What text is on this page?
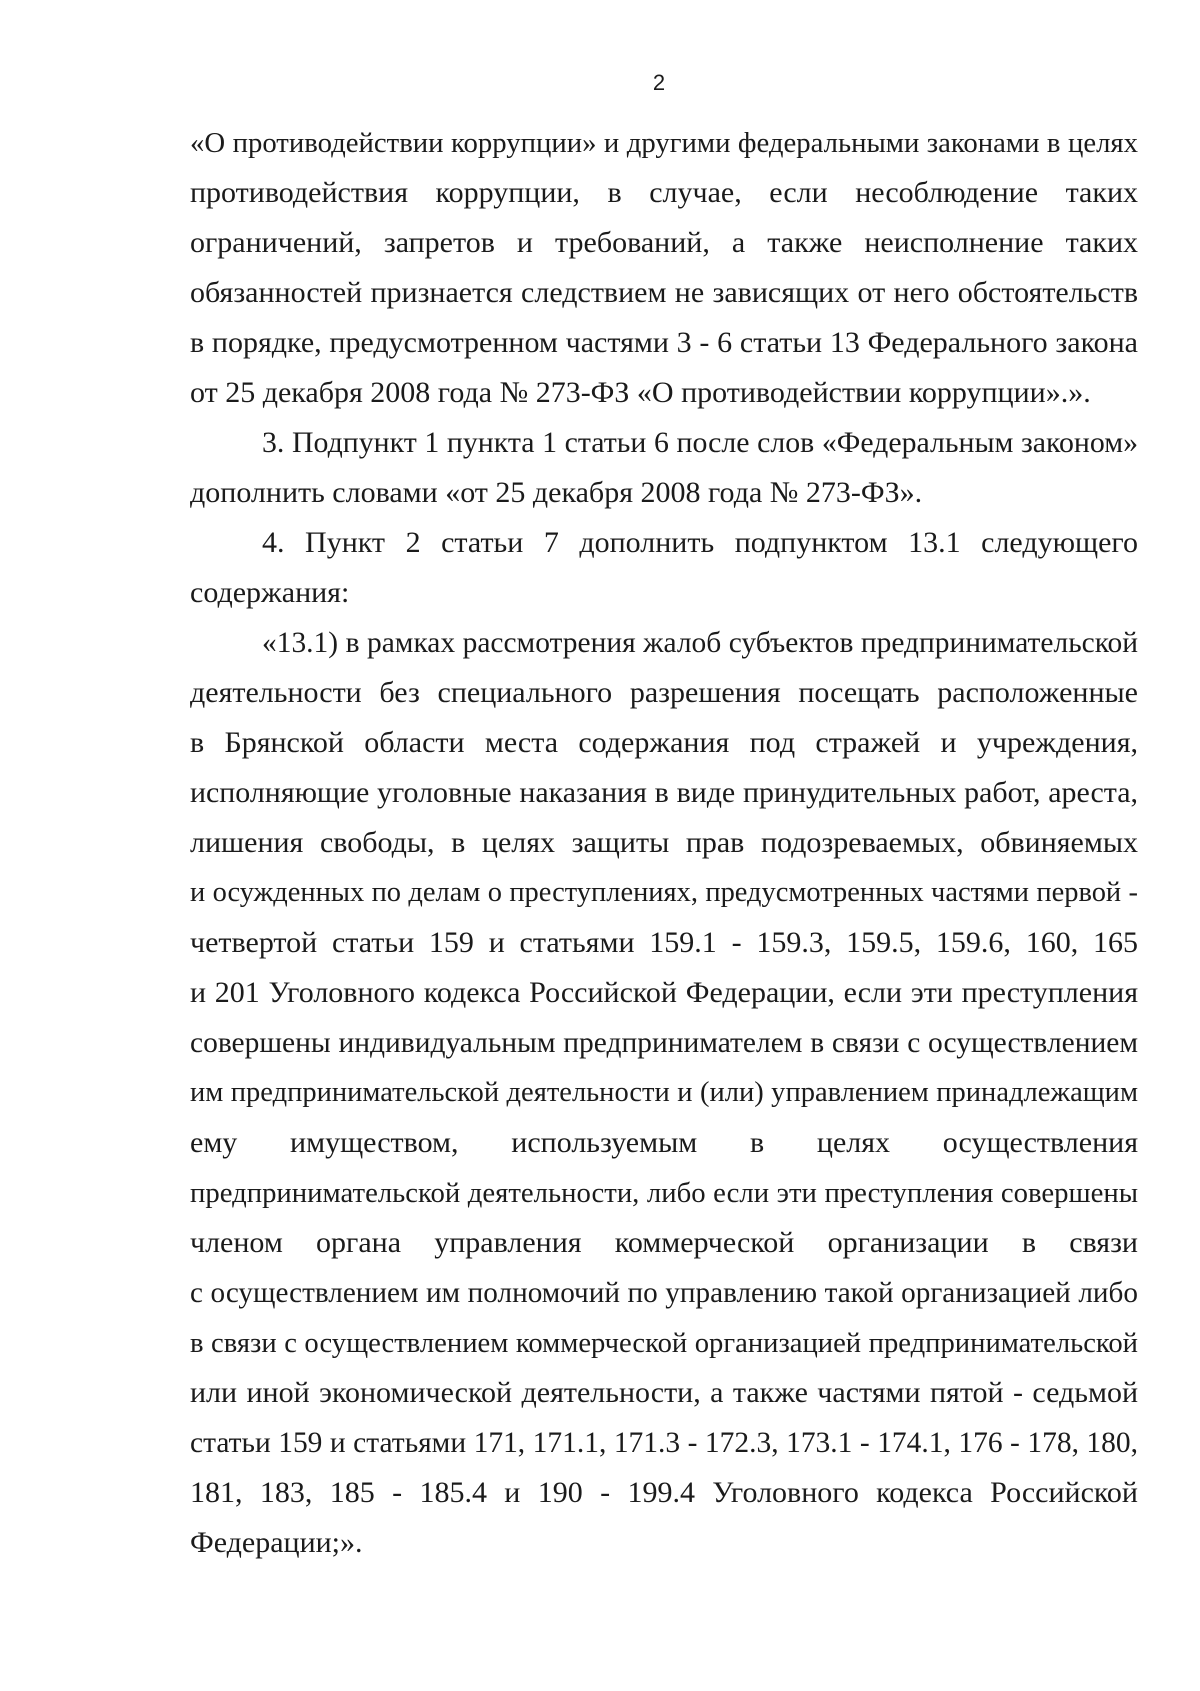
2
«О противодействии коррупции» и другими федеральными законами в целях
противодействия коррупции, в случае, если несоблюдение таких
ограничений, запретов и требований, а также неисполнение таких
обязанностей признается следствием не зависящих от него обстоятельств
в порядке, предусмотренном частями 3 - 6 статьи 13 Федерального закона
от 25 декабря 2008 года № 273-ФЗ «О противодействии коррупции».».
3. Подпункт 1 пункта 1 статьи 6 после слов «Федеральным законом»
дополнить словами «от 25 декабря 2008 года № 273-ФЗ».
4. Пункт 2 статьи 7 дополнить подпунктом 13.1 следующего
содержания:
«13.1) в рамках рассмотрения жалоб субъектов предпринимательской
деятельности без специального разрешения посещать расположенные
в Брянской области места содержания под стражей и учреждения,
исполняющие уголовные наказания в виде принудительных работ, ареста,
лишения свободы, в целях защиты прав подозреваемых, обвиняемых
и осужденных по делам о преступлениях, предусмотренных частями первой -
четвертой статьи 159 и статьями 159.1 - 159.3, 159.5, 159.6, 160, 165
и 201 Уголовного кодекса Российской Федерации, если эти преступления
совершены индивидуальным предпринимателем в связи с осуществлением
им предпринимательской деятельности и (или) управлением принадлежащим
ему имуществом, используемым в целях осуществления
предпринимательской деятельности, либо если эти преступления совершены
членом органа управления коммерческой организации в связи
с осуществлением им полномочий по управлению такой организацией либо
в связи с осуществлением коммерческой организацией предпринимательской
или иной экономической деятельности, а также частями пятой - седьмой
статьи 159 и статьями 171, 171.1, 171.3 - 172.3, 173.1 - 174.1, 176 - 178, 180,
181, 183, 185 - 185.4 и 190 - 199.4 Уголовного кодекса Российской
Федерации;».
